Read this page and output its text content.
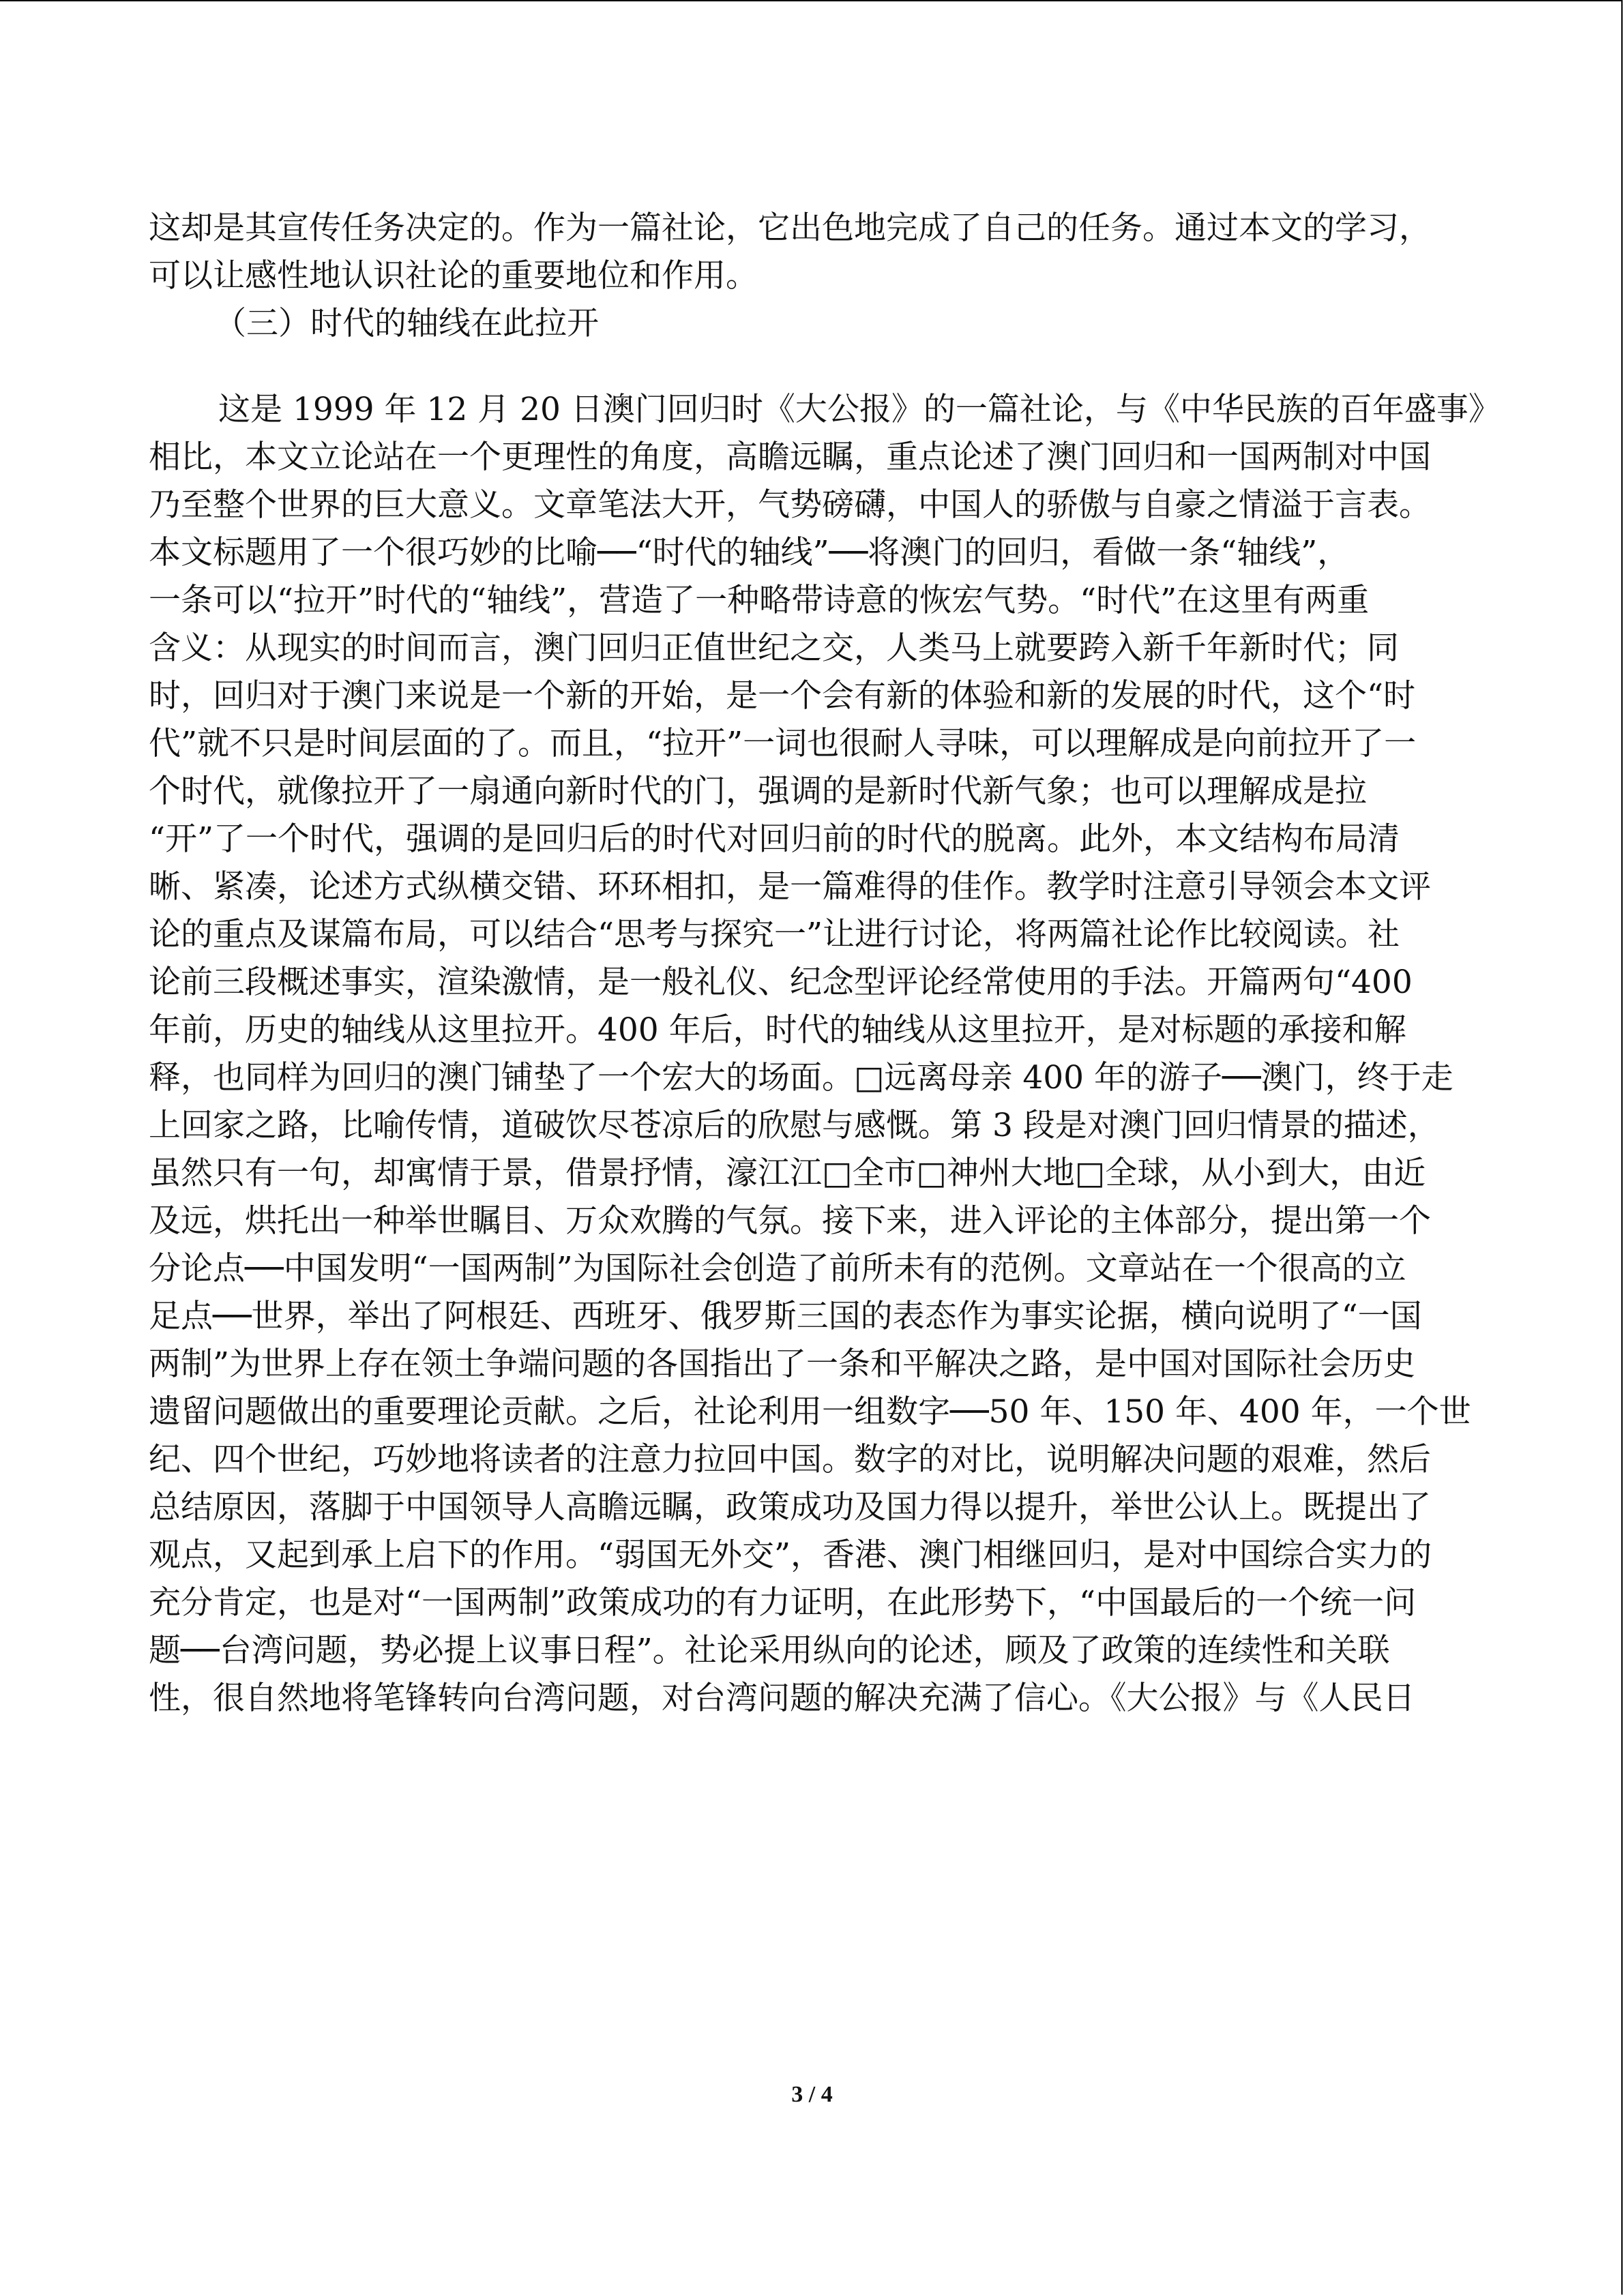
这却是其宣传任务决定的。作为一篇社论，它出色地完成了自己的任务。通过本文的学习，
可以让感性地认识社论的重要地位和作用。
（三）时代的轴线在此拉开
这是 1999 年 12 月 20 日澳门回归时《大公报》的一篇社论，与《中华民族的百年盛事》
相比，本文立论站在一个更理性的角度，高瞻远瞩，重点论述了澳门回归和一国两制对中国
乃至整个世界的巨大意义。文章笔法大开，气势磅礴，中国人的骄傲与自豪之情溢于言表。
本文标题用了一个很巧妙的比喻──“时代的轴线”──将澳门的回归，看做一条“轴线”，
一条可以“拉开”时代的“轴线”，营造了一种略带诗意的恢宏气势。“时代”在这里有两重
含义：从现实的时间而言，澳门回归正值世纪之交，人类马上就要跨入新千年新时代；同
时，回归对于澳门来说是一个新的开始，是一个会有新的体验和新的发展的时代，这个“时
代”就不只是时间层面的了。而且，“拉开”一词也很耐人寻味，可以理解成是向前拉开了一
个时代，就像拉开了一扇通向新时代的门，强调的是新时代新气象；也可以理解成是拉
“开”了一个时代，强调的是回归后的时代对回归前的时代的脱离。此外，本文结构布局清
晰、紧凑，论述方式纵横交错、环环相扣，是一篇难得的佳作。教学时注意引导领会本文评
论的重点及谋篇布局，可以结合“思考与探究一”让进行讨论，将两篇社论作比较阅读。社
论前三段概述事实，渲染激情，是一般礼仪、纪念型评论经常使用的手法。开篇两句“400
年前，历史的轴线从这里拉开。400 年后，时代的轴线从这里拉开，是对标题的承接和解
释，也同样为回归的澳门铺垫了一个宏大的场面。□远离母亲 400 年的游子──澳门，终于走
上回家之路，比喻传情，道破饮尽苍凉后的欣慰与感慨。第 3 段是对澳门回归情景的描述，
虽然只有一句，却寓情于景，借景抒情，濠江江□全市□神州大地□全球，从小到大，由近
及远，烘托出一种举世瞩目、万众欢腾的气氛。接下来，进入评论的主体部分，提出第一个
分论点──中国发明“一国两制”为国际社会创造了前所未有的范例。文章站在一个很高的立
足点──世界，举出了阿根廷、西班牙、俄罗斯三国的表态作为事实论据，横向说明了“一国
两制”为世界上存在领土争端问题的各国指出了一条和平解决之路，是中国对国际社会历史
遗留问题做出的重要理论贡献。之后，社论利用一组数字──50 年、150 年、400 年，一个世
纪、四个世纪，巧妙地将读者的注意力拉回中国。数字的对比，说明解决问题的艰难，然后
总结原因，落脚于中国领导人高瞻远瞩，政策成功及国力得以提升，举世公认上。既提出了
观点，又起到承上启下的作用。“弱国无外交”，香港、澳门相继回归，是对中国综合实力的
充分肯定，也是对“一国两制”政策成功的有力证明，在此形势下，“中国最后的一个统一问
题──台湾问题，势必提上议事日程”。社论采用纵向的论述，顾及了政策的连续性和关联
性，很自然地将笔锋转向台湾问题，对台湾问题的解决充满了信心。《大公报》与《人民日
3 / 4
